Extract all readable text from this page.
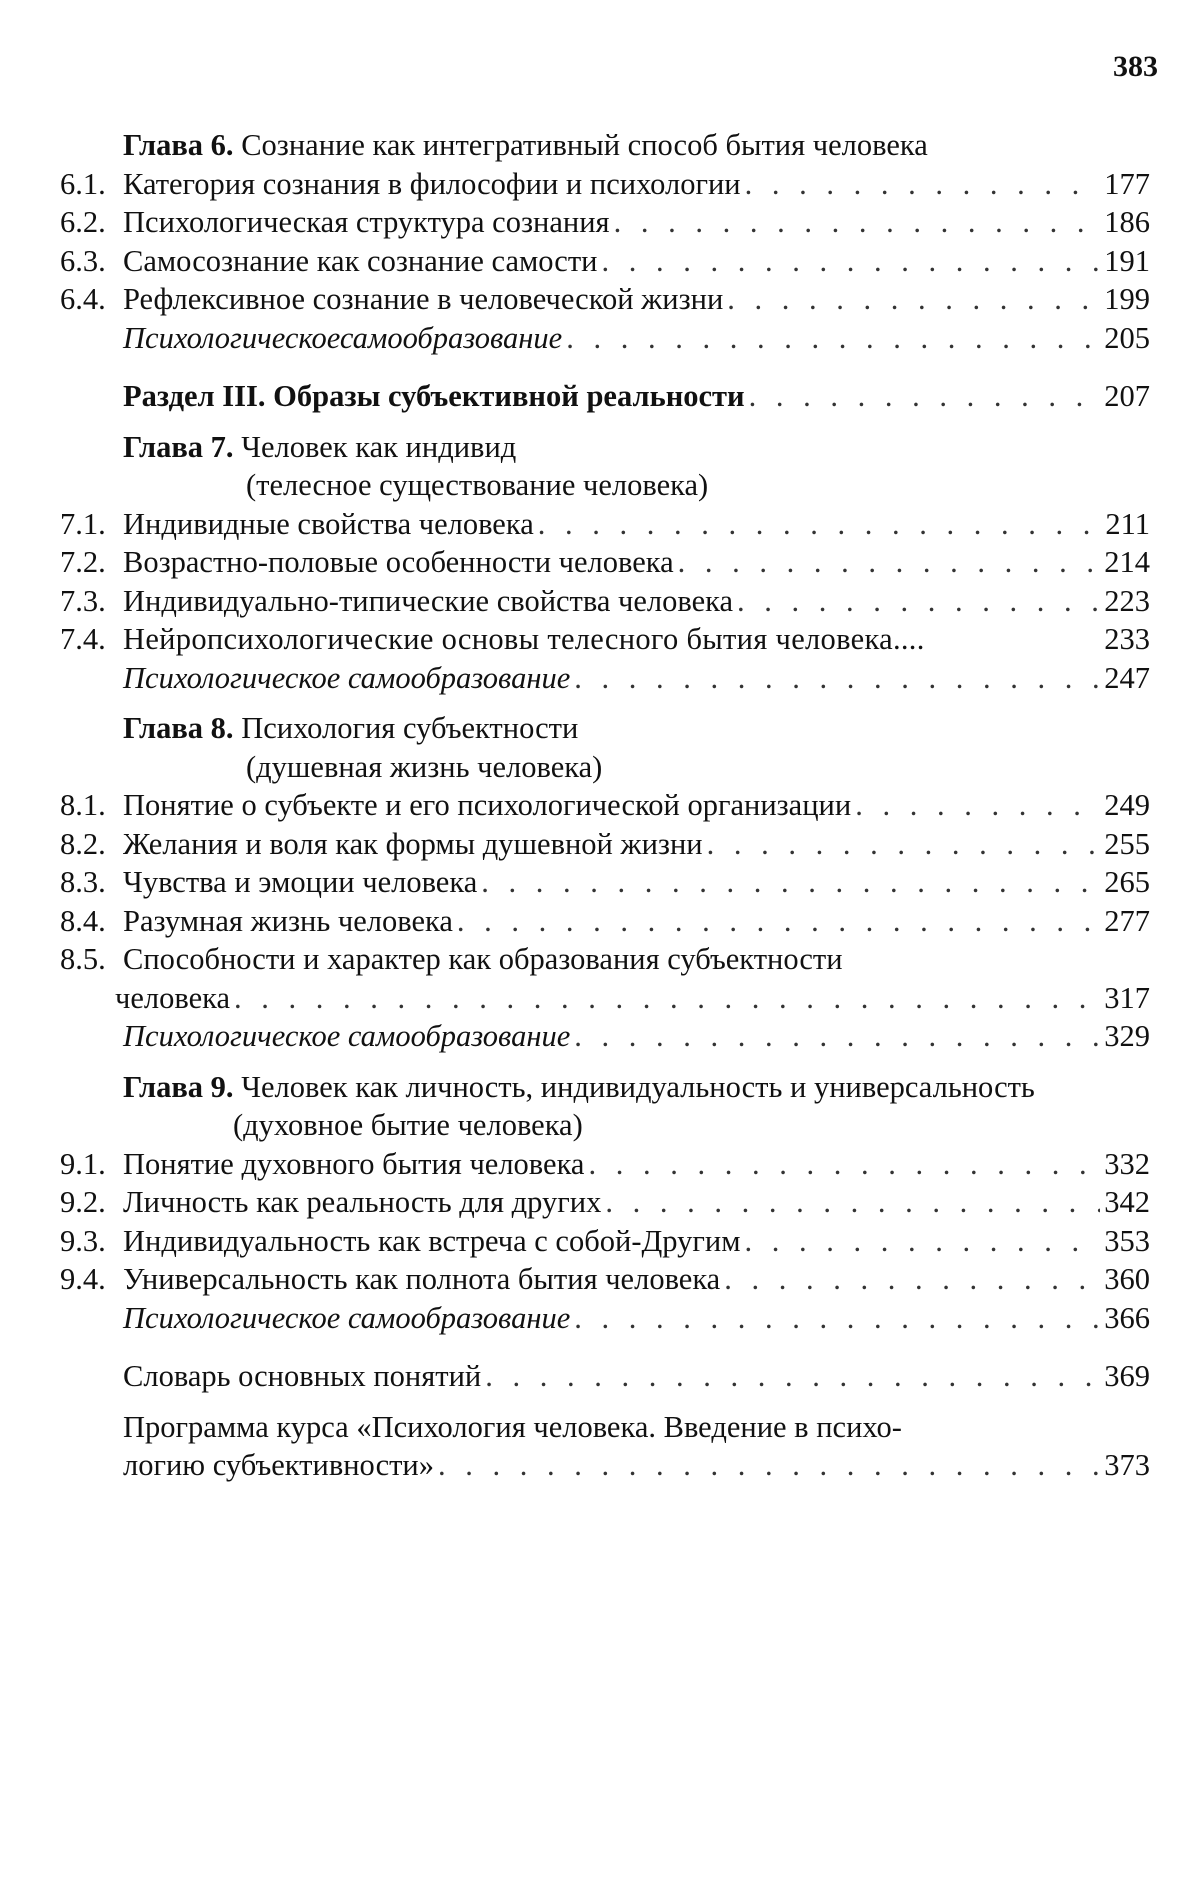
383
Глава 6. Сознание как интегративный способ бытия человека
6.1. Категория сознания в философии и психологии . . .	177
6.2. Психологическая структура сознания . . .	186
6.3. Самосознание как сознание самости . . .	191
6.4. Рефлексивное сознание в человеческой жизни . . .	199
Психологическоесамообразование . . .	205
Раздел III. Образы субъективной реальности . . .	207
Глава 7. Человек как индивид
(телесное существование человека)
7.1. Индивидные свойства человека . . .	211
7.2. Возрастно-половые особенности человека . . .	214
7.3. Индивидуально-типические свойства человека . . .	223
7.4. Нейропсихологические основы телесного бытия человека....	233
Психологическое самообразование . . .	247
Глава 8. Психология субъектности
(душевная жизнь человека)
8.1. Понятие о субъекте и его психологической организации . . .	249
8.2. Желания и воля как формы душевной жизни . . .	255
8.3. Чувства и эмоции человека . . .	265
8.4. Разумная жизнь человека . . .	277
8.5. Способности и характер как образования субъектности
человека . . .	317
Психологическое самообразование . . .	329
Глава 9. Человек как личность, индивидуальность и универсальность
(духовное бытие человека)
9.1. Понятие духовного бытия человека . . .	332
9.2. Личность как реальность для других . . .	342
9.3. Индивидуальность как встреча с собой-Другим . . .	353
9.4. Универсальность как полнота бытия человека . . .	360
Психологическое самообразование . . .	366
Словарь основных понятий . . .	369
Программа курса «Психология человека. Введение в психо-
логию субъективности» . . .	373
